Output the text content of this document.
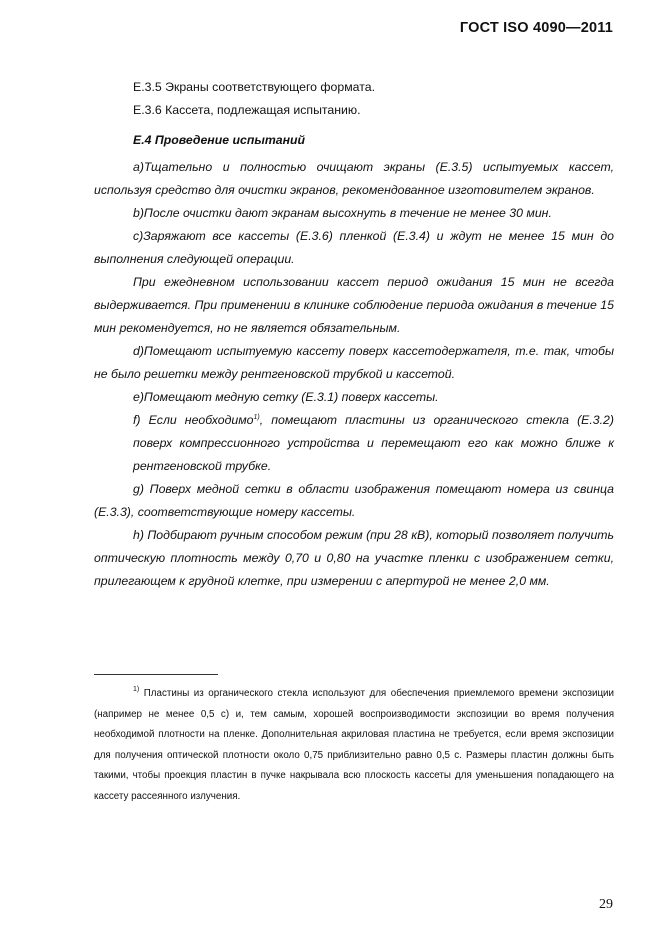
ГОСТ ISO 4090—2011

Е.3.5 Экраны соответствующего формата.

Е.3.6 Кассета, подлежащая испытанию.

Е.4 Проведение испытаний

a)Тщательно и полностью очищают экраны (Е.3.5) испытуемых кассет, используя средство для очистки экранов, рекомендованное изготовителем экранов.

b)После очистки дают экранам высохнуть в течение не менее 30 мин.

c)Заряжают все кассеты (Е.3.6) пленкой (Е.3.4) и ждут не менее 15 мин до выполнения следующей операции.

При ежедневном использовании кассет период ожидания 15 мин не всегда выдерживается. При применении в клинике соблюдение периода ожидания в течение 15 мин рекомендуется, но не является обязательным.

d)Помещают испытуемую кассету поверх кассетодержателя, т.е. так, чтобы не было решетки между рентгеновской трубкой и кассетой.

e)Помещают медную сетку (Е.3.1) поверх кассеты.

f) Если необходимо$^{1)}$, помещают пластины из органического стекла (Е.3.2) поверх компрессионного устройства и перемещают его как можно ближе к рентгеновской трубке.

g) Поверх медной сетки в области изображения помещают номера из свинца (Е.3.3), соответствующие номеру кассеты.

h) Подбирают ручным способом режим (при 28 кВ), который позволяет получить оптическую плотность между 0,70 и 0,80 на участке пленки с изображением сетки, прилегающем к грудной клетке, при измерении с апертурой не менее 2,0 мм.

$^{1)}$ Пластины из органического стекла используют для обеспечения приемлемого времени экспозиции (например не менее 0,5 с) и, тем самым, хорошей воспроизводимости экспозиции во время получения необходимой плотности на пленке. Дополнительная акриловая пластина не требуется, если время экспозиции для получения оптической плотности около 0,75 приблизительно равно 0,5 с. Размеры пластин должны быть такими, чтобы проекция пластин в пучке накрывала всю плоскость кассеты для уменьшения попадающего на кассету рассеянного излучения.

29
